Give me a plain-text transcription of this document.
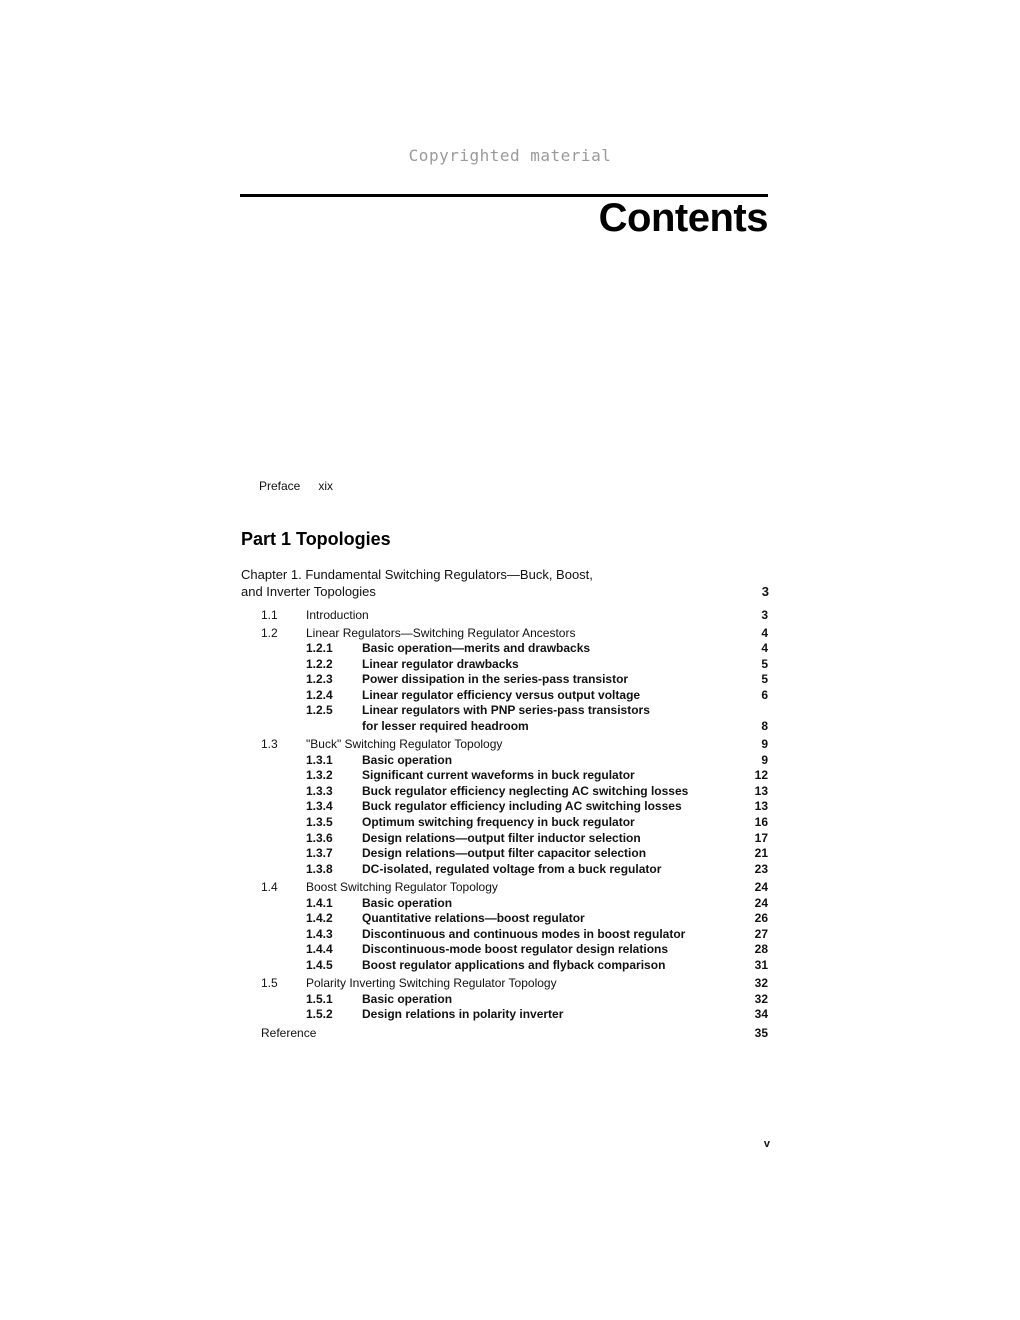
Copyrighted material
Contents
Preface xix
Part 1 Topologies
Chapter 1. Fundamental Switching Regulators—Buck, Boost,
and Inverter Topologies	3
1.1 Introduction	3
1.2 Linear Regulators—Switching Regulator Ancestors	4
1.2.1 Basic operation—merits and drawbacks	4
1.2.2 Linear regulator drawbacks	5
1.2.3 Power dissipation in the series-pass transistor	5
1.2.4 Linear regulator efficiency versus output voltage	6
1.2.5 Linear regulators with PNP series-pass transistors
for lesser required headroom	8
1.3 "Buck" Switching Regulator Topology	9
1.3.1 Basic operation	9
1.3.2 Significant current waveforms in buck regulator	12
1.3.3 Buck regulator efficiency neglecting AC switching losses	13
1.3.4 Buck regulator efficiency including AC switching losses	13
1.3.5 Optimum switching frequency in buck regulator	16
1.3.6 Design relations—output filter inductor selection	17
1.3.7 Design relations—output filter capacitor selection	21
1.3.8 DC-isolated, regulated voltage from a buck regulator	23
1.4 Boost Switching Regulator Topology	24
1.4.1 Basic operation	24
1.4.2 Quantitative relations—boost regulator	26
1.4.3 Discontinuous and continuous modes in boost regulator	27
1.4.4 Discontinuous-mode boost regulator design relations	28
1.4.5 Boost regulator applications and flyback comparison	31
1.5 Polarity Inverting Switching Regulator Topology	32
1.5.1 Basic operation	32
1.5.2 Design relations in polarity inverter	34
Reference	35
v
